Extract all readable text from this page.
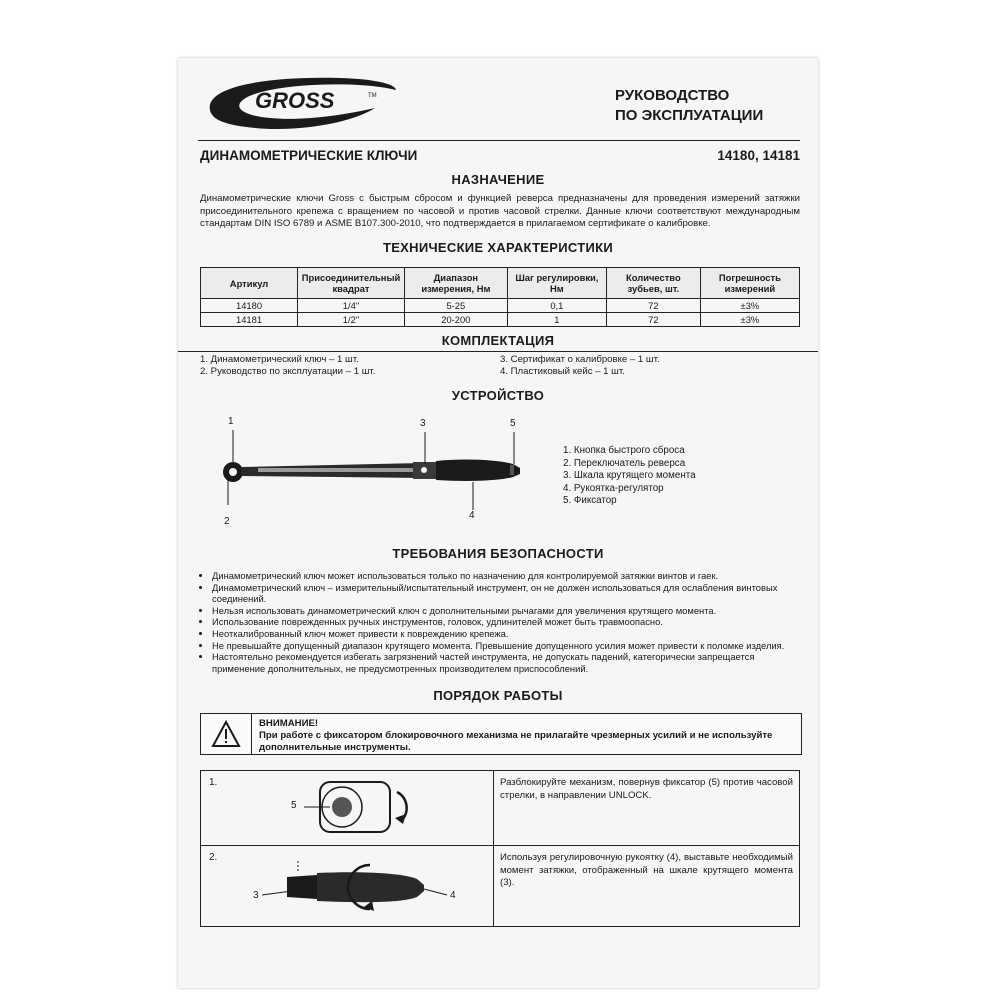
GROSS	TM	РУКОВОДСТВО
ПО ЭКСПЛУАТАЦИИ
ДИНАМОМЕТРИЧЕСКИЕ КЛЮЧИ	14180, 14181
НАЗНАЧЕНИЕ
Динамометрические ключи Gross с быстрым сбросом и функцией реверса предназначены для проведения измерений затяжки присоединительного крепежа с вращением по часовой и против часовой стрелки. Данные ключи соответствуют международным стандартам DIN ISO 6789 и ASME B107.300-2010, что подтверждается в прилагаемом сертификате о калибровке.
ТЕХНИЧЕСКИЕ ХАРАКТЕРИСТИКИ
Артикул	Присоединительный квадрат	Диапазон измерения, Нм	Шаг регулировки, Нм	Количество зубьев, шт.	Погрешность измерений
14180	1/4"	5-25	0,1	72	±3%
14181	1/2"	20-200	1	72	±3%
КОМПЛЕКТАЦИЯ
1. Динамометрический ключ – 1 шт.
2. Руководство по эксплуатации – 1 шт.
3. Сертификат о калибровке – 1 шт.
4. Пластиковый кейс – 1 шт.
УСТРОЙСТВО
1
2
3
4
5
1. Кнопка быстрого сброса
2. Переключатель реверса
3. Шкала крутящего момента
4. Рукоятка-регулятор
5. Фиксатор
ТРЕБОВАНИЯ БЕЗОПАСНОСТИ
• Динамометрический ключ может использоваться только по назначению для контролируемой затяжки винтов и гаек.
• Динамометрический ключ – измерительный/испытательный инструмент, он не должен использоваться для ослабления винтовых соединений.
• Нельзя использовать динамометрический ключ с дополнительными рычагами для увеличения крутящего момента.
• Использование поврежденных ручных инструментов, головок, удлинителей может быть травмоопасно.
• Неоткалиброванный ключ может привести к повреждению крепежа.
• Не превышайте допущенный диапазон крутящего момента. Превышение допущенного усилия может привести к поломке изделия.
• Настоятельно рекомендуется избегать загрязнений частей инструмента, не допускать падений, категорически запрещается применение дополнительных, не предусмотренных производителем приспособлений.
ПОРЯДОК РАБОТЫ
ВНИМАНИЕ!
При работе с фиксатором блокировочного механизма не прилагайте чрезмерных усилий и не используйте дополнительные инструменты.
1.
5	Разблокируйте механизм, повернув фиксатор (5) против часовой стрелки, в направлении UNLOCK.

2.
3 4	Используя регулировочную рукоятку (4), выставьте необходимый момент затяжки, отображенный на шкале крутящего момента (3).
